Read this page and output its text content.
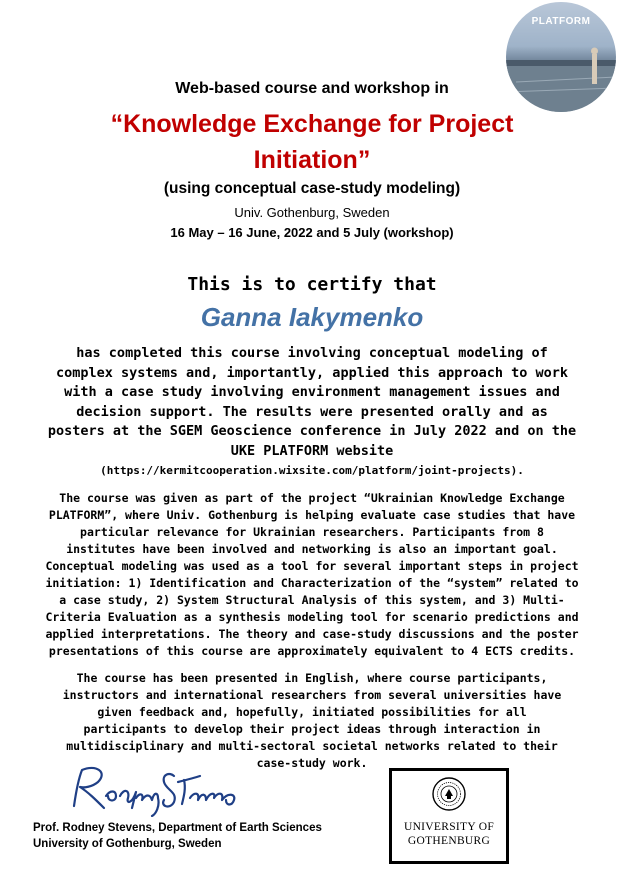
PLATFORM
Web-based course and workshop in
“Knowledge Exchange for Project
Initiation”
(using conceptual case-study modeling)
Univ. Gothenburg, Sweden
16 May – 16 June, 2022 and 5 July (workshop)
This is to certify that
Ganna Iakymenko
has completed this course involving conceptual modeling of complex systems and, importantly, applied this approach to work with a case study involving environment management issues and decision support. The results were presented orally and as posters at the SGEM Geoscience conference in July 2022 and on the UKE PLATFORM website
(https://kermitcooperation.wixsite.com/platform/joint-projects).
The course was given as part of the project “Ukrainian Knowledge Exchange PLATFORM”, where Univ. Gothenburg is helping evaluate case studies that have particular relevance for Ukrainian researchers. Participants from 8 institutes have been involved and networking is also an important goal. Conceptual modeling was used as a tool for several important steps in project initiation: 1) Identification and Characterization of the “system” related to a case study, 2) System Structural Analysis of this system, and 3) Multi-Criteria Evaluation as a synthesis modeling tool for scenario predictions and applied interpretations. The theory and case-study discussions and the poster presentations of this course are approximately equivalent to 4 ECTS credits.
The course has been presented in English, where course participants, instructors and international researchers from several universities have given feedback and, hopefully, initiated possibilities for all participants to develop their project ideas through interaction in multidisciplinary and multi-sectoral societal networks related to their case-study work.
Prof. Rodney Stevens, Department of Earth Sciences
University of Gothenburg, Sweden
UNIVERSITY OF
GOTHENBURG
